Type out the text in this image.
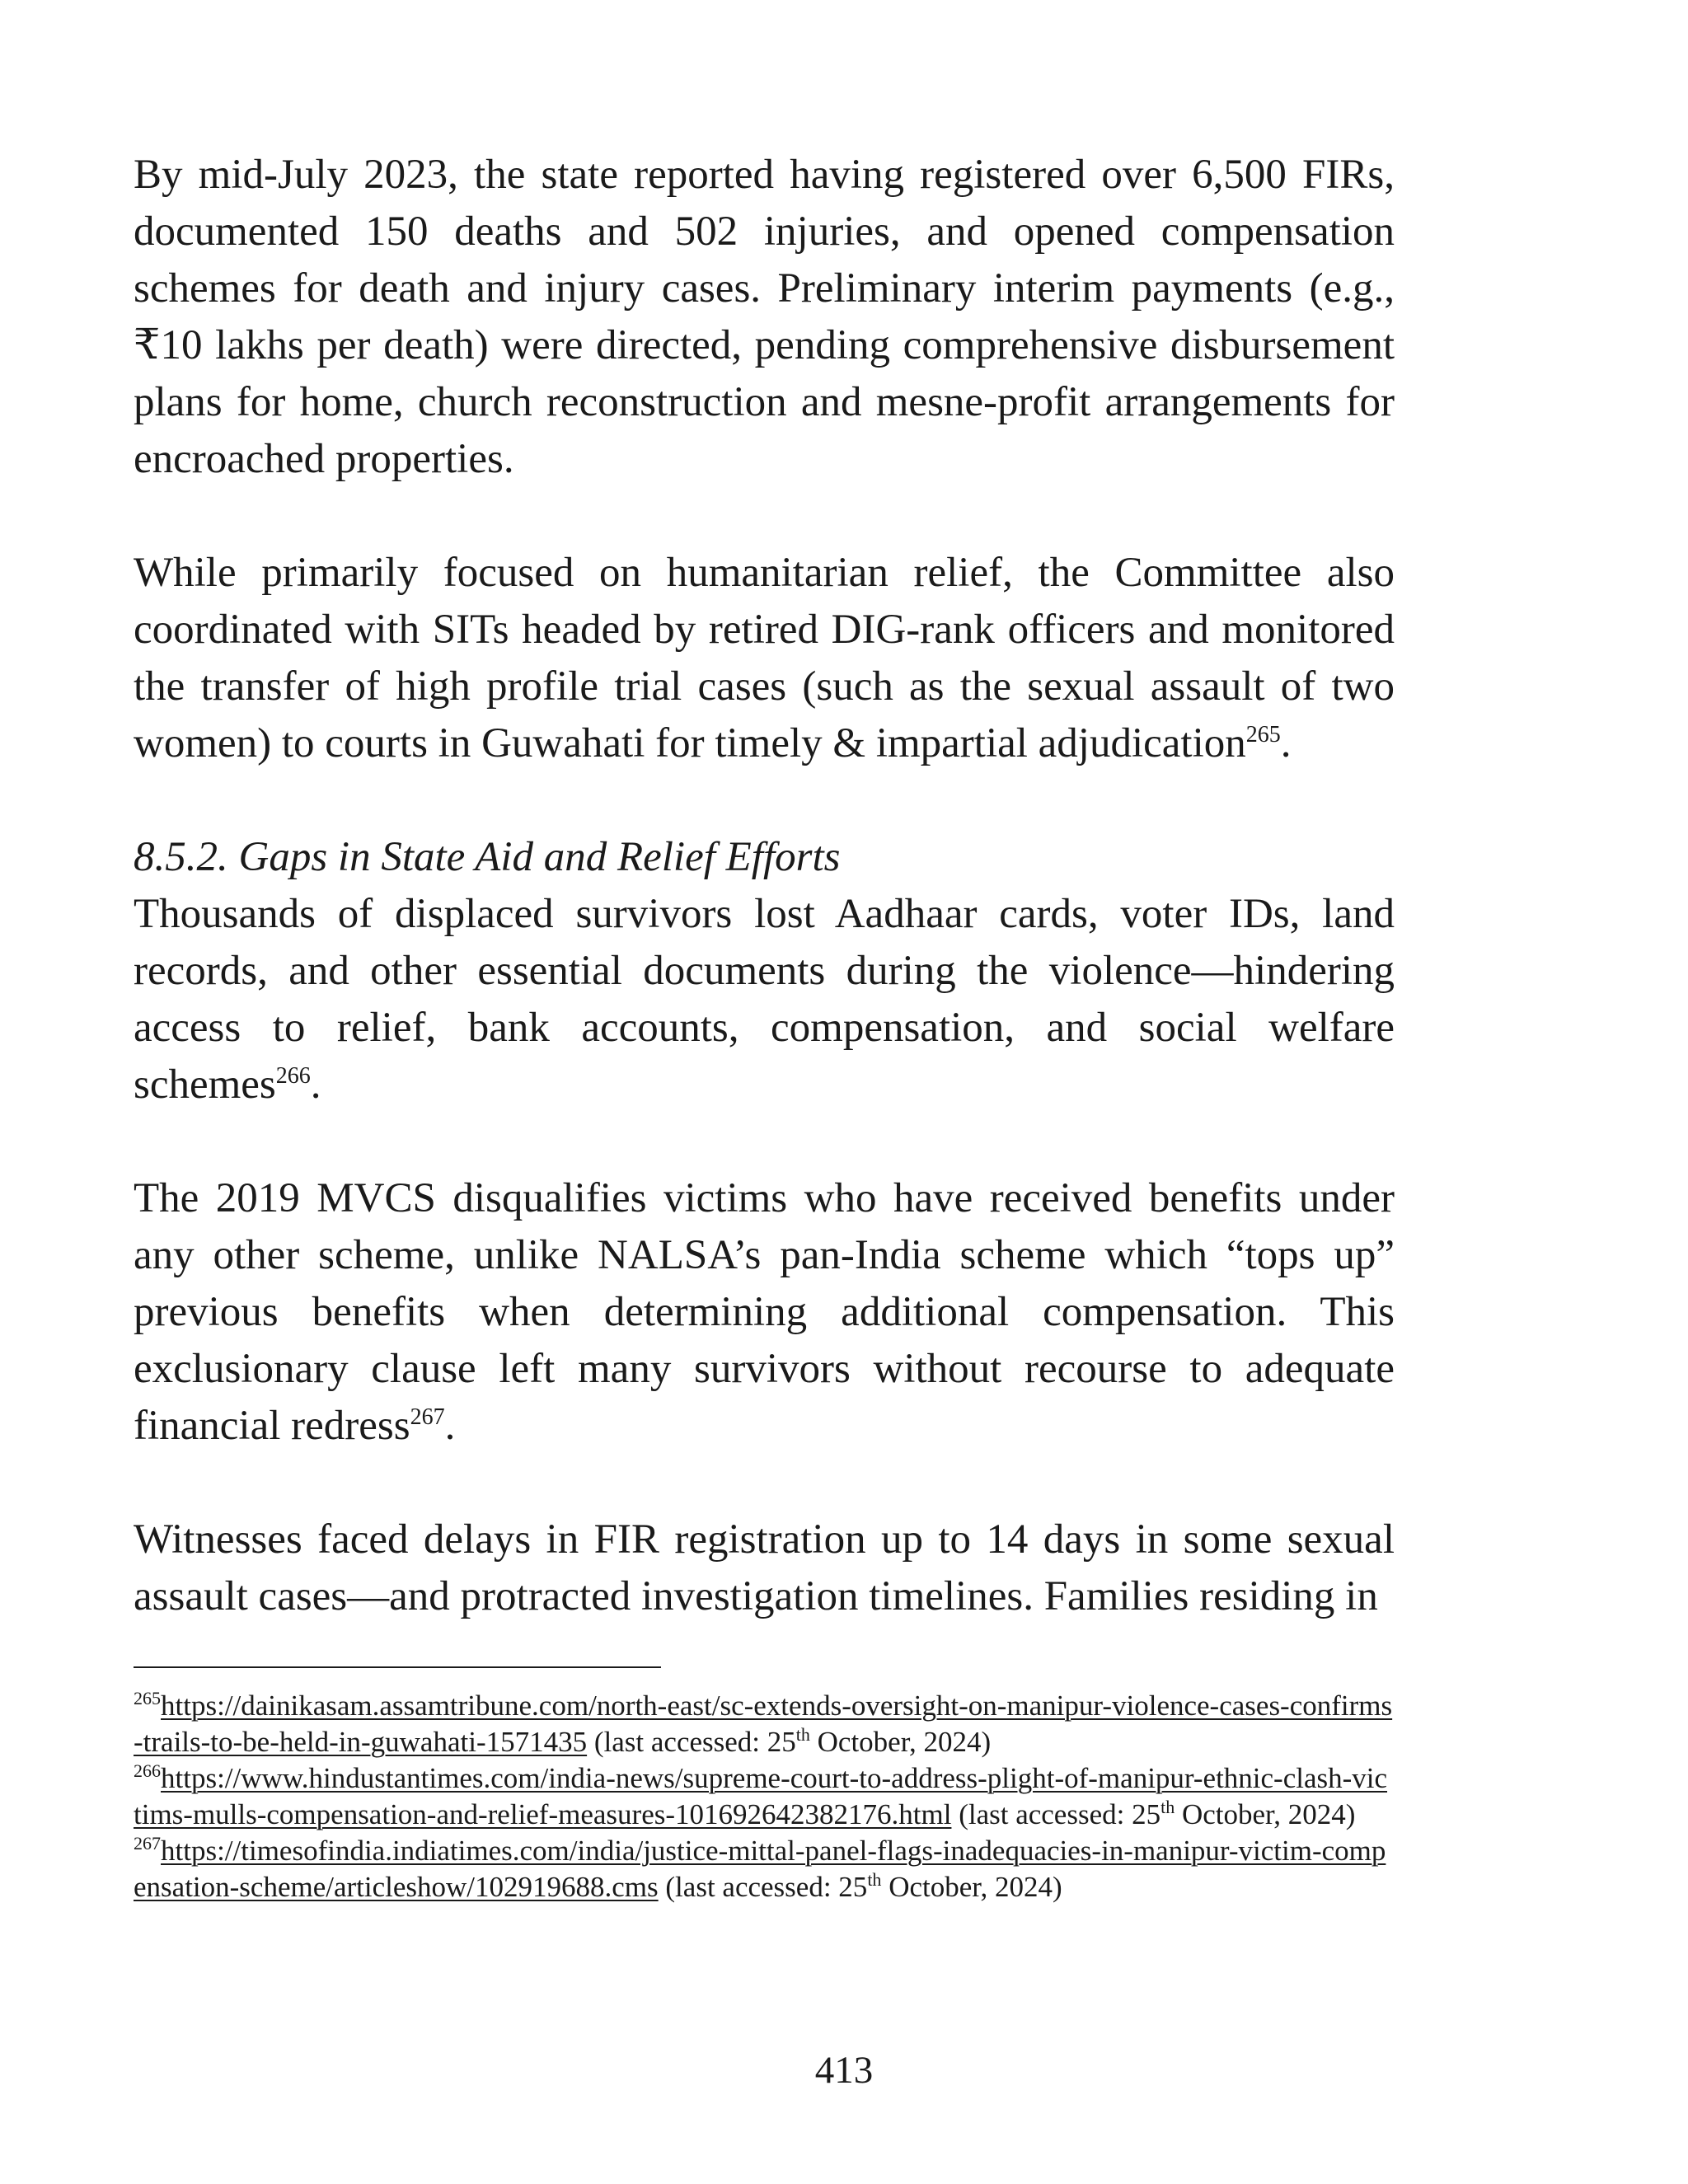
By mid-July 2023, the state reported having registered over 6,500 FIRs, documented 150 deaths and 502 injuries, and opened compensation schemes for death and injury cases. Preliminary interim payments (e.g., ₹10 lakhs per death) were directed, pending comprehensive disbursement plans for home, church reconstruction and mesne-profit arrangements for encroached properties.

While primarily focused on humanitarian relief, the Committee also coordinated with SITs headed by retired DIG-rank officers and monitored the transfer of high profile trial cases (such as the sexual assault of two women) to courts in Guwahati for timely & impartial adjudication$^{265}$.

8.5.2. Gaps in State Aid and Relief Efforts

Thousands of displaced survivors lost Aadhaar cards, voter IDs, land records, and other essential documents during the violence—hindering access to relief, bank accounts, compensation, and social welfare schemes$^{266}$.

The 2019 MVCS disqualifies victims who have received benefits under any other scheme, unlike NALSA’s pan-India scheme which “tops up” previous benefits when determining additional compensation. This exclusionary clause left many survivors without recourse to adequate financial redress$^{267}$.

Witnesses faced delays in FIR registration up to 14 days in some sexual assault cases—and protracted investigation timelines. Families residing in

$^{265}$https://dainikasam.assamtribune.com/north-east/sc-extends-oversight-on-manipur-violence-cases-confirms-trails-to-be-held-in-guwahati-1571435 (last accessed: 25th October, 2024)

$^{266}$https://www.hindustantimes.com/india-news/supreme-court-to-address-plight-of-manipur-ethnic-clash-victims-mulls-compensation-and-relief-measures-101692642382176.html (last accessed: 25th October, 2024)

$^{267}$https://timesofindia.indiatimes.com/india/justice-mittal-panel-flags-inadequacies-in-manipur-victim-compensation-scheme/articleshow/102919688.cms (last accessed: 25th October, 2024)

413
